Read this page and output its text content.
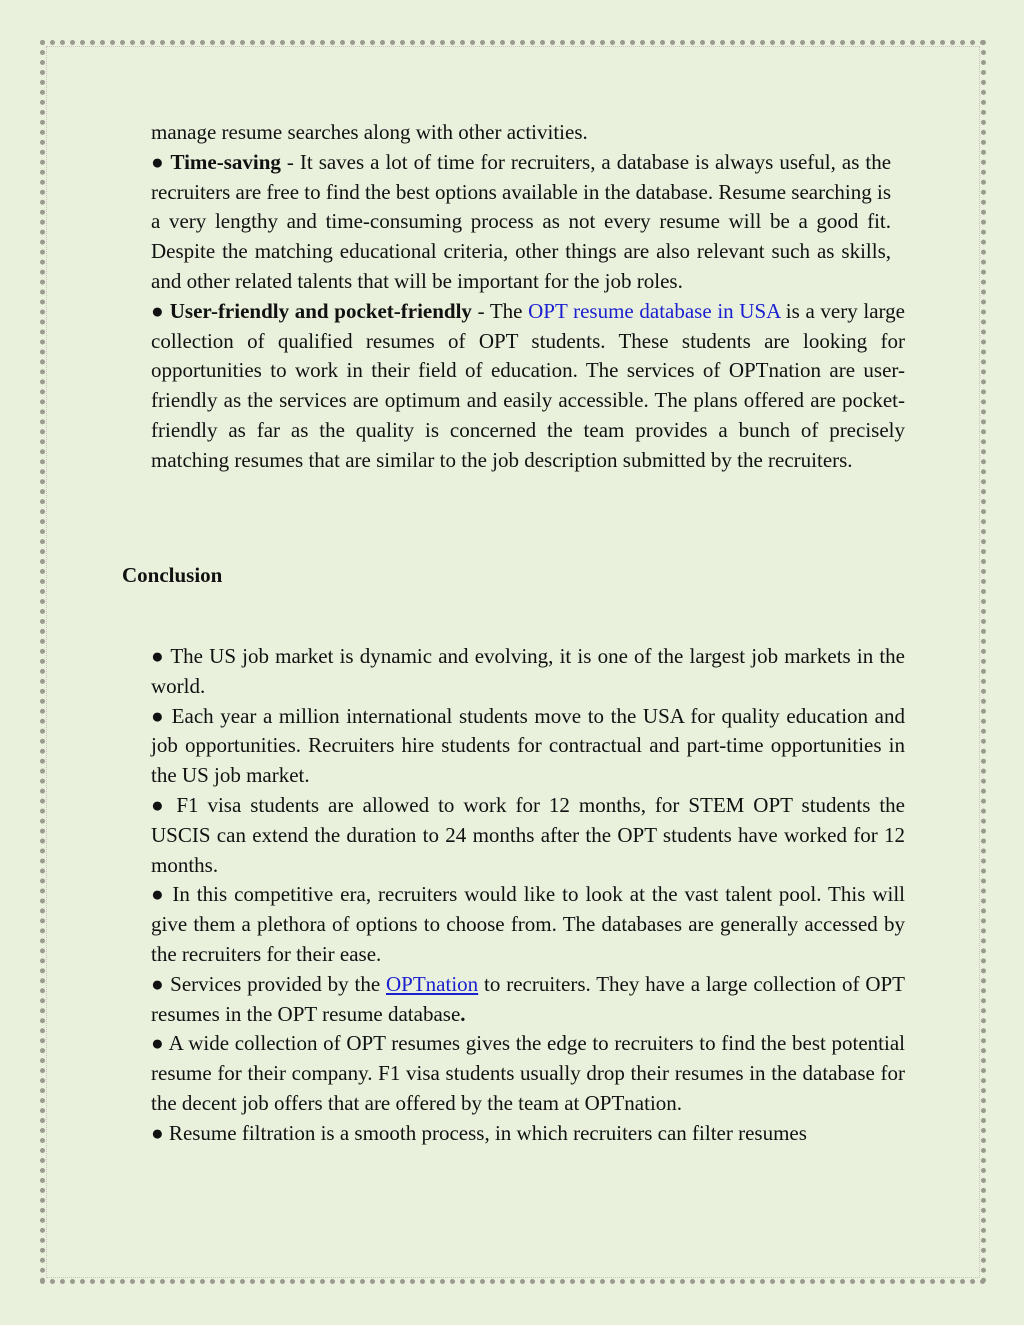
manage resume searches along with other activities.

● Time-saving - It saves a lot of time for recruiters, a database is always useful, as the recruiters are free to find the best options available in the database. Resume searching is a very lengthy and time-consuming process as not every resume will be a good fit. Despite the matching educational criteria, other things are also relevant such as skills, and other related talents that will be important for the job roles.

● User-friendly and pocket-friendly - The OPT resume database in USA is a very large collection of qualified resumes of OPT students. These students are looking for opportunities to work in their field of education. The services of OPTnation are user-friendly as the services are optimum and easily accessible. The plans offered are pocket-friendly as far as the quality is concerned the team provides a bunch of precisely matching resumes that are similar to the job description submitted by the recruiters.

Conclusion

● The US job market is dynamic and evolving, it is one of the largest job markets in the world.

● Each year a million international students move to the USA for quality education and job opportunities. Recruiters hire students for contractual and part-time opportunities in the US job market.

● F1 visa students are allowed to work for 12 months, for STEM OPT students the USCIS can extend the duration to 24 months after the OPT students have worked for 12 months.

● In this competitive era, recruiters would like to look at the vast talent pool. This will give them a plethora of options to choose from. The databases are generally accessed by the recruiters for their ease.

● Services provided by the OPTnation to recruiters. They have a large collection of OPT resumes in the OPT resume database.

● A wide collection of OPT resumes gives the edge to recruiters to find the best potential resume for their company. F1 visa students usually drop their resumes in the database for the decent job offers that are offered by the team at OPTnation.

● Resume filtration is a smooth process, in which recruiters can filter resumes
